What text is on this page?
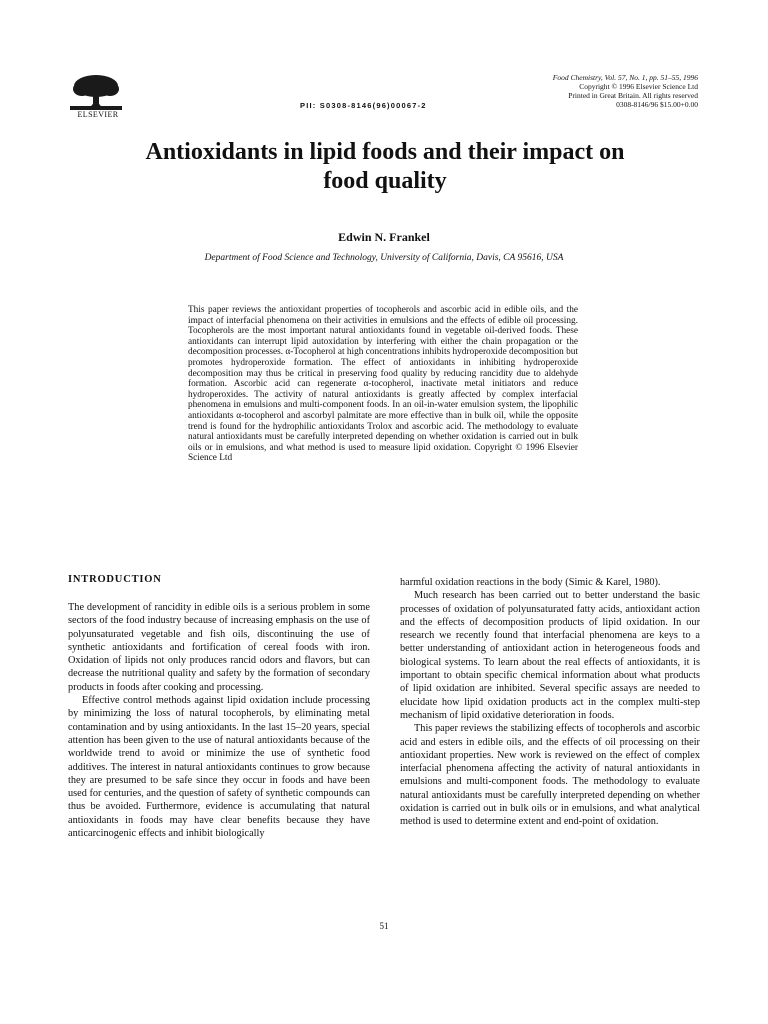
ELSEVIER
PII: S0308-8146(96)00067-2
Food Chemistry, Vol. 57, No. 1, pp. 51–55, 1996
Copyright © 1996 Elsevier Science Ltd
Printed in Great Britain. All rights reserved
0308-8146/96 $15.00+0.00
Antioxidants in lipid foods and their impact on
food quality
Edwin N. Frankel
Department of Food Science and Technology, University of California, Davis, CA 95616, USA
This paper reviews the antioxidant properties of tocopherols and ascorbic acid in edible oils, and the impact of interfacial phenomena on their activities in emulsions and the effects of edible oil processing. Tocopherols are the most important natural antioxidants found in vegetable oil-derived foods. These antioxidants can interrupt lipid autoxidation by interfering with either the chain propagation or the decomposition processes. α-Tocopherol at high concentrations inhibits hydroperoxide decomposition but promotes hydroperoxide formation. The effect of antioxidants in inhibiting hydroperoxide decomposition may thus be critical in preserving food quality by reducing rancidity due to aldehyde formation. Ascorbic acid can regenerate α-tocopherol, inactivate metal initiators and reduce hydroperoxides. The activity of natural antioxidants is greatly affected by complex interfacial phenomena in emulsions and multi-component foods. In an oil-in-water emulsion system, the lipophilic antioxidants α-tocopherol and ascorbyl palmitate are more effective than in bulk oil, while the opposite trend is found for the hydrophilic antioxidants Trolox and ascorbic acid. The methodology to evaluate natural antioxidants must be carefully interpreted depending on whether oxidation is carried out in bulk oils or in emulsions, and what method is used to measure lipid oxidation. Copyright © 1996 Elsevier Science Ltd
INTRODUCTION

The development of rancidity in edible oils is a serious problem in some sectors of the food industry because of increasing emphasis on the use of polyunsaturated vegetable and fish oils, discontinuing the use of synthetic antioxidants and fortification of cereal foods with iron. Oxidation of lipids not only produces rancid odors and flavors, but can decrease the nutritional quality and safety by the formation of secondary products in foods after cooking and processing.

Effective control methods against lipid oxidation include processing by minimizing the loss of natural tocopherols, by eliminating metal contamination and by using antioxidants. In the last 15–20 years, special attention has been given to the use of natural antioxidants because of the worldwide trend to avoid or minimize the use of synthetic food additives. The interest in natural antioxidants continues to grow because they are presumed to be safe since they occur in foods and have been used for centuries, and the question of safety of synthetic compounds can thus be avoided. Furthermore, evidence is accumulating that natural antioxidants in foods may have clear benefits because they have anticarcinogenic effects and inhibit biologically

harmful oxidation reactions in the body (Simic & Karel, 1980).

Much research has been carried out to better understand the basic processes of oxidation of polyunsaturated fatty acids, antioxidant action and the effects of decomposition products of lipid oxidation. In our research we recently found that interfacial phenomena are keys to a better understanding of antioxidant action in heterogeneous foods and biological systems. To learn about the real effects of antioxidants, it is important to obtain specific chemical information about what products of lipid oxidation are inhibited. Several specific assays are needed to elucidate how lipid oxidation products act in the complex multi-step mechanism of lipid oxidative deterioration in foods.

This paper reviews the stabilizing effects of tocopherols and ascorbic acid and esters in edible oils, and the effects of oil processing on their antioxidant properties. New work is reviewed on the effect of complex interfacial phenomena affecting the activity of natural antioxidants in emulsions and multi-component foods. The methodology to evaluate natural antioxidants must be carefully interpreted depending on whether oxidation is carried out in bulk oils or in emulsions, and what analytical method is used to determine extent and end-point of oxidation.

51
